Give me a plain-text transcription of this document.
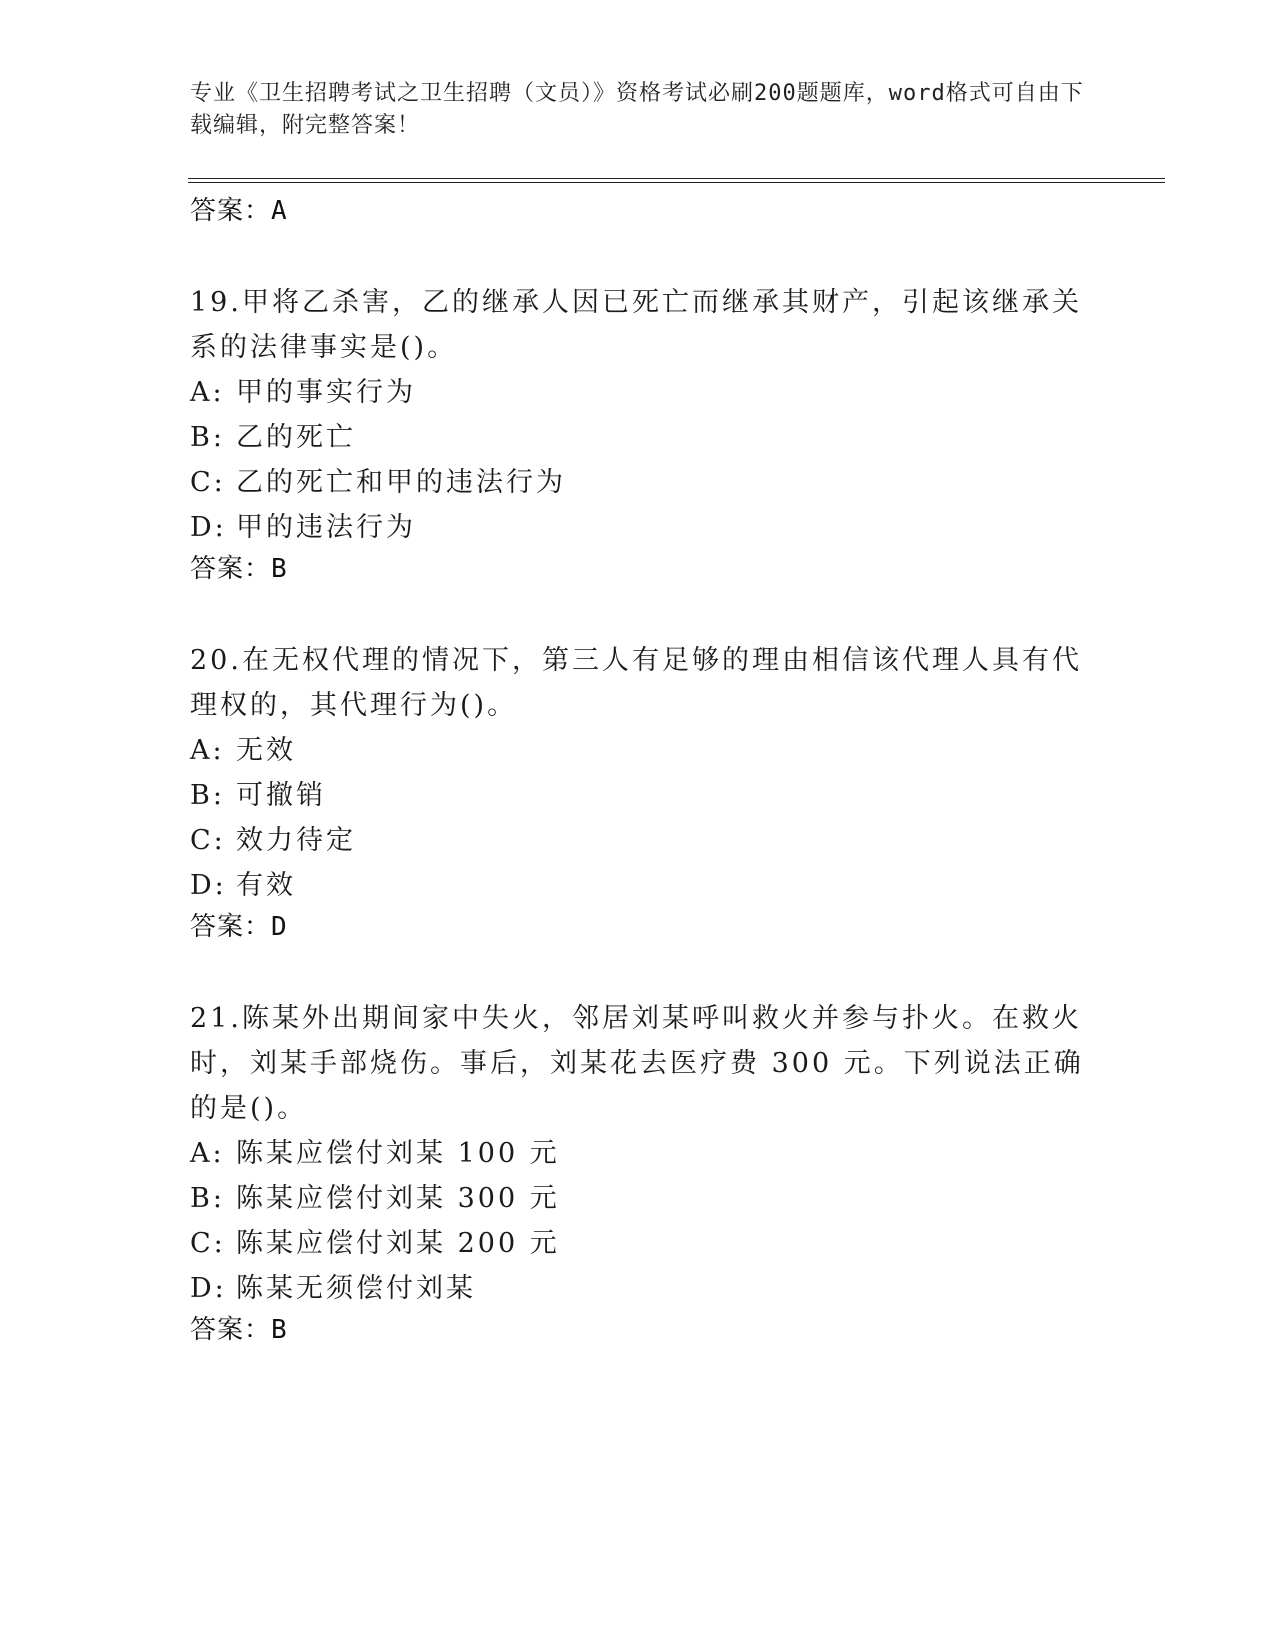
专业《卫生招聘考试之卫生招聘（文员）》资格考试必刷200题题库，word格式可自由下载编辑，附完整答案！
答案：A
19.甲将乙杀害，乙的继承人因已死亡而继承其财产，引起该继承关系的法律事实是()。
A: 甲的事实行为
B: 乙的死亡
C: 乙的死亡和甲的违法行为
D: 甲的违法行为
答案：B
20.在无权代理的情况下，第三人有足够的理由相信该代理人具有代理权的，其代理行为()。
A: 无效
B: 可撤销
C: 效力待定
D: 有效
答案：D
21.陈某外出期间家中失火，邻居刘某呼叫救火并参与扑火。在救火时，刘某手部烧伤。事后，刘某花去医疗费 300 元。下列说法正确的是()。
A: 陈某应偿付刘某 100 元
B: 陈某应偿付刘某 300 元
C: 陈某应偿付刘某 200 元
D: 陈某无须偿付刘某
答案：B
